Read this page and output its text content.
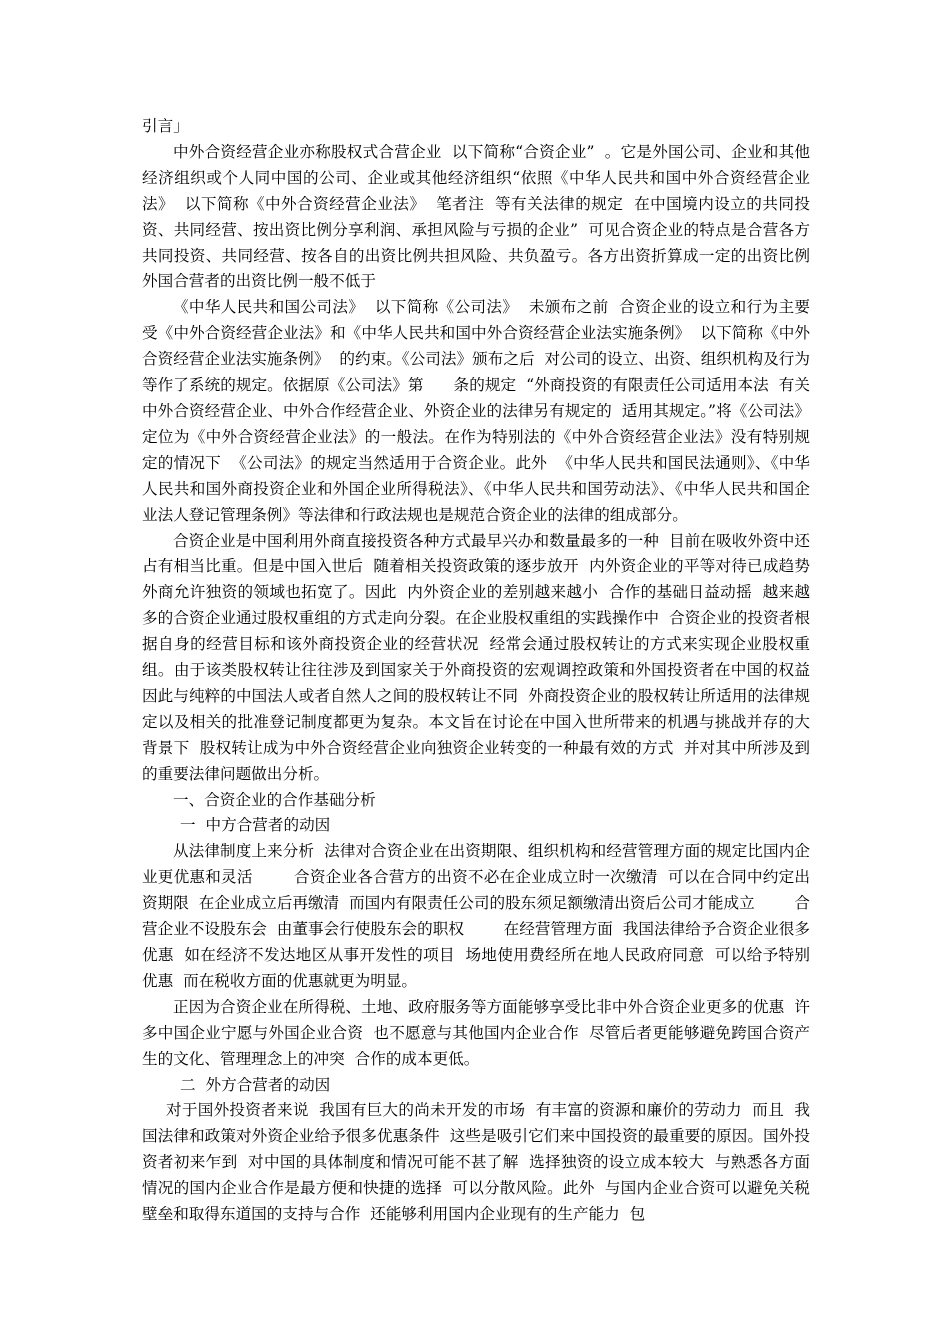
引言」

中外合资经营企业亦称股权式合营企业  以下简称“合资企业”  。它是外国公司、企业和其他经济组织或个人同中国的公司、企业或其他经济组织“依照《中华人民共和国中外合资经营企业法》  以下简称《中外合资经营企业法》  笔者注  等有关法律的规定  在中国境内设立的共同投资、共同经营、按出资比例分享利润、承担风险与亏损的企业”  可见合资企业的特点是合营各方共同投资、共同经营、按各自的出资比例共担风险、共负盈亏。各方出资折算成一定的出资比例  外国合营者的出资比例一般不低于

《中华人民共和国公司法》  以下简称《公司法》  未颁布之前  合资企业的设立和行为主要受《中外合资经营企业法》和《中华人民共和国中外合资经营企业法实施条例》  以下简称《中外合资经营企业法实施条例》  的约束。《公司法》颁布之后  对公司的设立、出资、组织机构及行为等作了系统的规定。依据原《公司法》第      条的规定  “外商投资的有限责任公司适用本法  有关中外合资经营企业、中外合作经营企业、外资企业的法律另有规定的  适用其规定。”将《公司法》定位为《中外合资经营企业法》的一般法。在作为特别法的《中外合资经营企业法》没有特别规定的情况下  《公司法》的规定当然适用于合资企业。此外  《中华人民共和国民法通则》、《中华人民共和国外商投资企业和外国企业所得税法》、《中华人民共和国劳动法》、《中华人民共和国企业法人登记管理条例》等法律和行政法规也是规范合资企业的法律的组成部分。

合资企业是中国利用外商直接投资各种方式最早兴办和数量最多的一种  目前在吸收外资中还占有相当比重。但是中国入世后  随着相关投资政策的逐步放开  内外资企业的平等对待已成趋势  外商允许独资的领域也拓宽了。因此  内外资企业的差别越来越小  合作的基础日益动摇  越来越多的合资企业通过股权重组的方式走向分裂。在企业股权重组的实践操作中  合资企业的投资者根据自身的经营目标和该外商投资企业的经营状况  经常会通过股权转让的方式来实现企业股权重组。由于该类股权转让往往涉及到国家关于外商投资的宏观调控政策和外国投资者在中国的权益  因此与纯粹的中国法人或者自然人之间的股权转让不同  外商投资企业的股权转让所适用的法律规定以及相关的批准登记制度都更为复杂。本文旨在讨论在中国入世所带来的机遇与挑战并存的大背景下  股权转让成为中外合资经营企业向独资企业转变的一种最有效的方式  并对其中所涉及到的重要法律问题做出分析。

一、合资企业的合作基础分析

一  中方合营者的动因

从法律制度上来分析  法律对合资企业在出资期限、组织机构和经营管理方面的规定比国内企业更优惠和灵活        合资企业各合营方的出资不必在企业成立时一次缴清  可以在合同中约定出资期限  在企业成立后再缴清  而国内有限责任公司的股东须足额缴清出资后公司才能成立        合营企业不设股东会  由董事会行使股东会的职权        在经营管理方面  我国法律给予合资企业很多优惠  如在经济不发达地区从事开发性的项目  场地使用费经所在地人民政府同意  可以给予特别优惠  而在税收方面的优惠就更为明显。

正因为合资企业在所得税、土地、政府服务等方面能够享受比非中外合资企业更多的优惠  许多中国企业宁愿与外国企业合资  也不愿意与其他国内企业合作  尽管后者更能够避免跨国合资产生的文化、管理理念上的冲突  合作的成本更低。

二  外方合营者的动因

对于国外投资者来说  我国有巨大的尚未开发的市场  有丰富的资源和廉价的劳动力  而且  我国法律和政策对外资企业给予很多优惠条件  这些是吸引它们来中国投资的最重要的原因。国外投资者初来乍到  对中国的具体制度和情况可能不甚了解  选择独资的设立成本较大  与熟悉各方面情况的国内企业合作是最方便和快捷的选择  可以分散风险。此外  与国内企业合资可以避免关税壁垒和取得东道国的支持与合作  还能够利用国内企业现有的生产能力  包
